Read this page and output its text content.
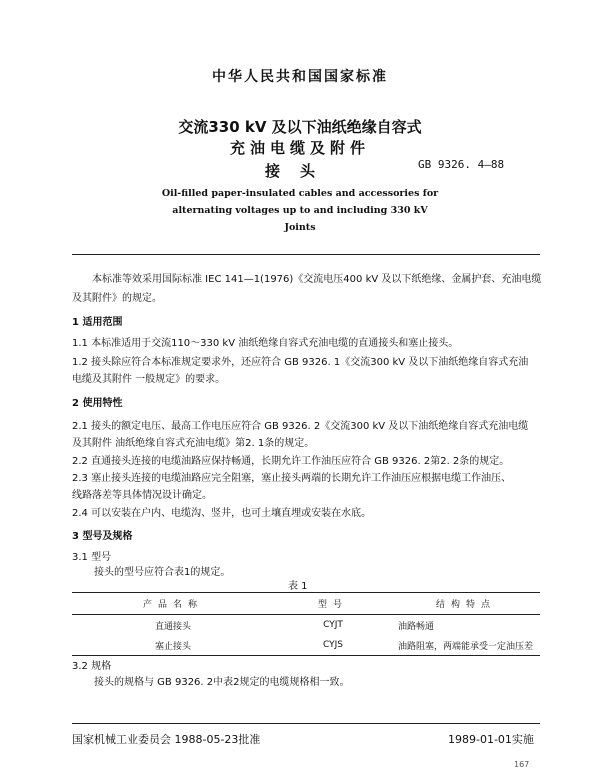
中华人民共和国国家标准
交流330 kV 及以下油纸绝缘自容式
充油电缆及附件
接头	GB 9326. 4—88
Oil-filled paper-insulated cables and accessories for
alternating voltages up to and including 330 kV
Joints
本标准等效采用国际标准 IEC 141—1(1976)《交流电压400 kV 及以下纸绝缘、金属护套、充油电缆
及其附件》的规定。
1 适用范围
1.1 本标准适用于交流110～330 kV 油纸绝缘自容式充油电缆的直通接头和塞止接头。
1.2 接头除应符合本标准规定要求外，还应符合 GB 9326. 1《交流300 kV 及以下油纸绝缘自容式充油
电缆及其附件 一般规定》的要求。
2 使用特性
2.1 接头的额定电压、最高工作电压应符合 GB 9326. 2《交流300 kV 及以下油纸绝缘自容式充油电缆
及其附件 油纸绝缘自容式充油电缆》第2. 1条的规定。
2.2 直通接头连接的电缆油路应保持畅通，长期允许工作油压应符合 GB 9326. 2第2. 2条的规定。
2.3 塞止接头连接的电缆油路应完全阻塞，塞止接头两端的长期允许工作油压应根据电缆工作油压、
线路落差等具体情况设计确定。
2.4 可以安装在户内、电缆沟、竖井，也可土壤直埋或安装在水底。
3 型号及规格
3.1 型号
接头的型号应符合表1的规定。
表 1
产品名称	型号	结构特点
直通接头	CYJT	油路畅通
塞止接头	CYJS	油路阻塞，两端能承受一定油压差
3.2 规格
接头的规格与 GB 9326. 2中表2规定的电缆规格相一致。
国家机械工业委员会 1988-05-23批准	1989-01-01实施
167
